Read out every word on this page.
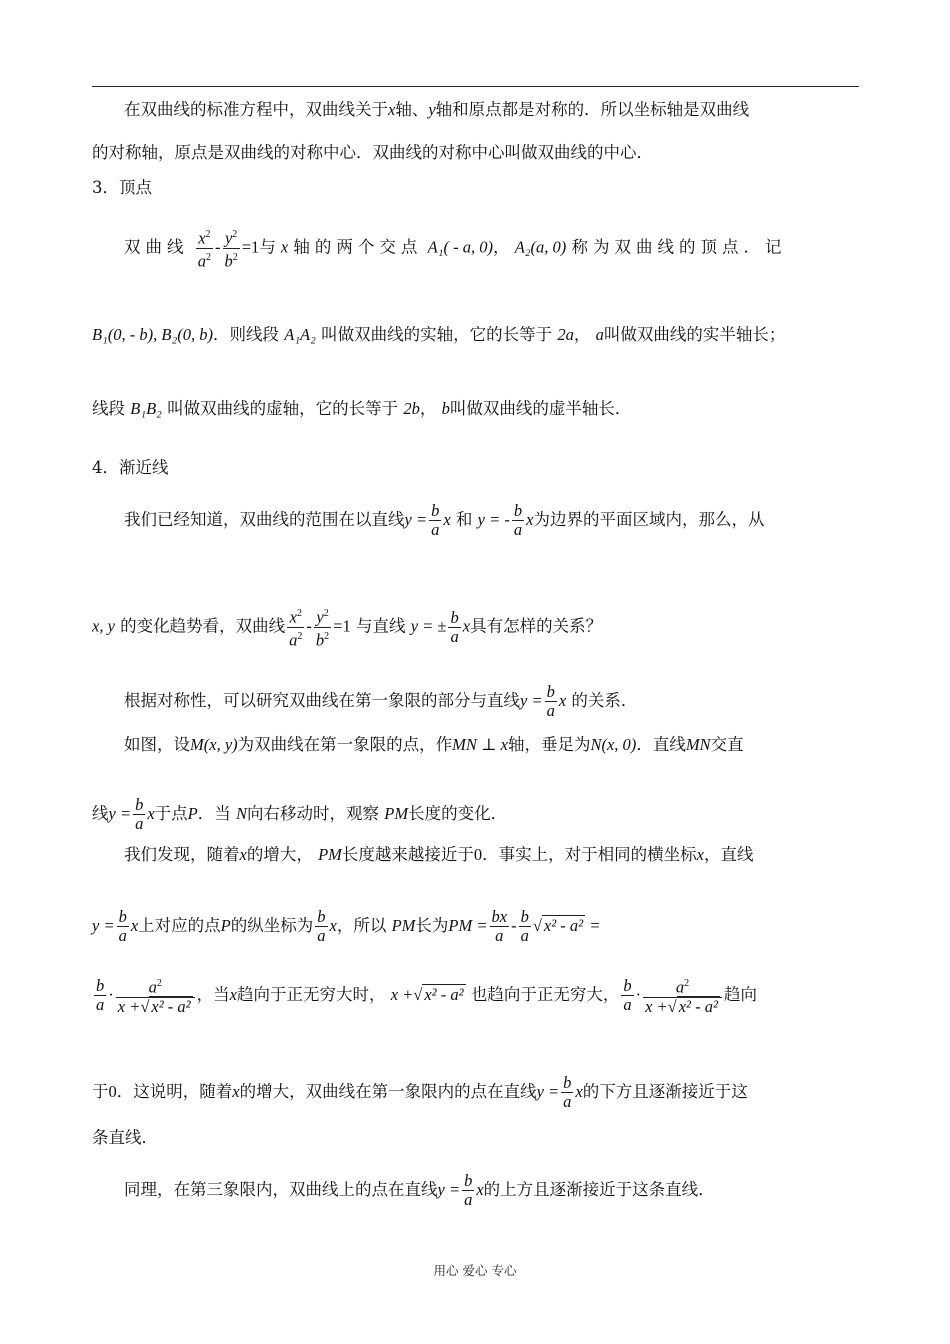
在双曲线的标准方程中，双曲线关于x轴、y轴和原点都是对称的．所以坐标轴是双曲线
的对称轴，原点是双曲线的对称中心．双曲线的对称中心叫做双曲线的中心．
3．顶点
双曲线 $\frac{x^2}{a^2} - \frac{y^2}{b^2} =1$与x 轴的两个交点 A₁( - a, 0)， A₂(a, 0) 称为双曲线的顶点．记
B₁(0, - b), B₂(0, b)．则线段 A₁A₂ 叫做双曲线的实轴，它的长等于 2a， a叫做双曲线的实半轴长；
线段 B₁B₂ 叫做双曲线的虚轴，它的长等于 2b， b叫做双曲线的虚半轴长．
4．渐近线
我们已经知道，双曲线的范围在以直线$y = \frac{b}{a}$ x 和 y = - $\frac{b}{a}$ x为边界的平面区域内，那么，从
x, y 的变化趋势看，双曲线 $\frac{x^2}{a^2} - \frac{y^2}{b^2} =1$ 与直线 y = ± $\frac{b}{a}$ x具有怎样的关系？
根据对称性，可以研究双曲线在第一象限的部分与直线$y = \frac{b}{a}$ x 的关系．
如图，设M(x, y)为双曲线在第一象限的点，作MN ⊥ x轴，垂足为N(x, 0)．直线MN交直
线$y = \frac{b}{a}$ x于点P．当 N向右移动时，观察 PM长度的变化．
我们发现，随着x的增大， PM长度越来越接近于0．事实上，对于相同的横坐标x，直线
$y = \frac{b}{a}$ x上对应的点P的纵坐标为 $\frac{b}{a}$ x，所以 PM长为PM = $\frac{bx}{a} - \frac{b}{a}$ √ x² - a² =
$\frac{b}{a} \cdot \frac{a^2}{\text{x +√ x² - a²}}$ ，当x趋向于正无穷大时， x +√ x² - a² 也趋向于正无穷大， $\frac{b}{a} \cdot \frac{a^2}{\text{x +√ x² - a²}}$ 趋向
于0．这说明，随着x的增大，双曲线在第一象限内的点在直线$y = \frac{b}{a}$ x的下方且逐渐接近于这
条直线．
同理，在第三象限内，双曲线上的点在直线$y = \frac{b}{a}$ x的上方且逐渐接近于这条直线．
用心 爱心 专心
